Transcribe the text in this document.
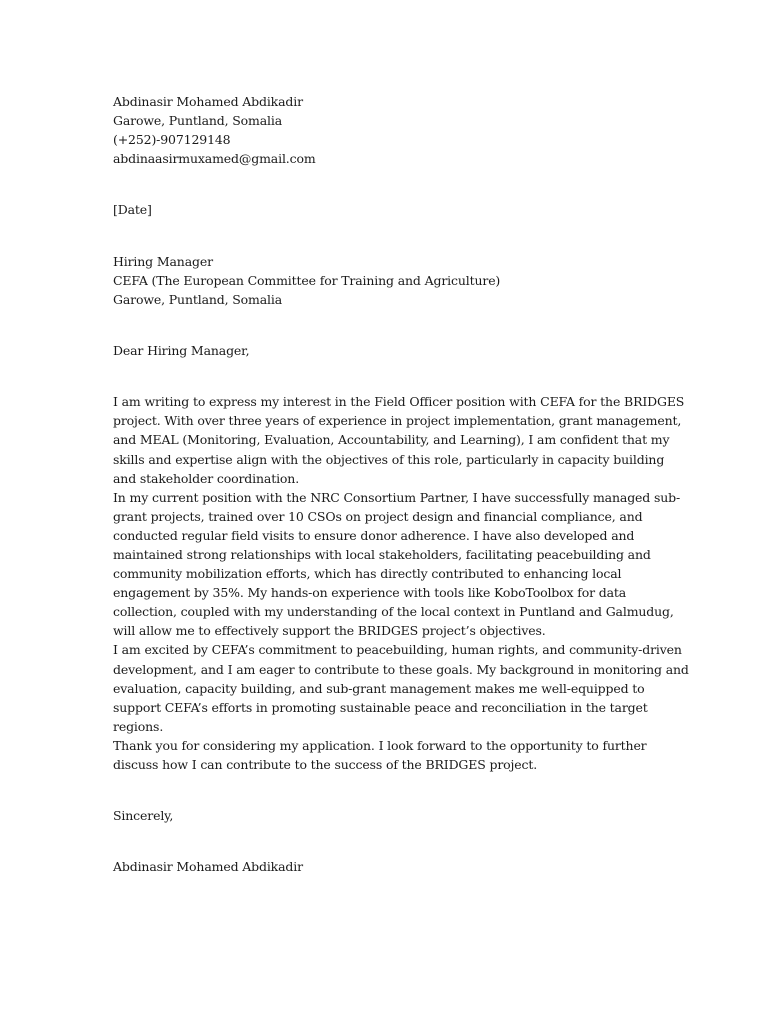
Abdinasir Mohamed Abdikadir
Garowe, Puntland, Somalia
(+252)-907129148
abdinaasirmuxamed@gmail.com
[Date]
Hiring Manager
CEFA (The European Committee for Training and Agriculture)
Garowe, Puntland, Somalia
Dear Hiring Manager,
I am writing to express my interest in the Field Officer position with CEFA for the BRIDGES
project. With over three years of experience in project implementation, grant management,
and MEAL (Monitoring, Evaluation, Accountability, and Learning), I am confident that my
skills and expertise align with the objectives of this role, particularly in capacity building
and stakeholder coordination.
In my current position with the NRC Consortium Partner, I have successfully managed sub-
grant projects, trained over 10 CSOs on project design and financial compliance, and
conducted regular field visits to ensure donor adherence. I have also developed and
maintained strong relationships with local stakeholders, facilitating peacebuilding and
community mobilization efforts, which has directly contributed to enhancing local
engagement by 35%. My hands-on experience with tools like KoboToolbox for data
collection, coupled with my understanding of the local context in Puntland and Galmudug,
will allow me to effectively support the BRIDGES project’s objectives.
I am excited by CEFA’s commitment to peacebuilding, human rights, and community-driven
development, and I am eager to contribute to these goals. My background in monitoring and
evaluation, capacity building, and sub-grant management makes me well-equipped to
support CEFA’s efforts in promoting sustainable peace and reconciliation in the target
regions.
Thank you for considering my application. I look forward to the opportunity to further
discuss how I can contribute to the success of the BRIDGES project.
Sincerely,
Abdinasir Mohamed Abdikadir
